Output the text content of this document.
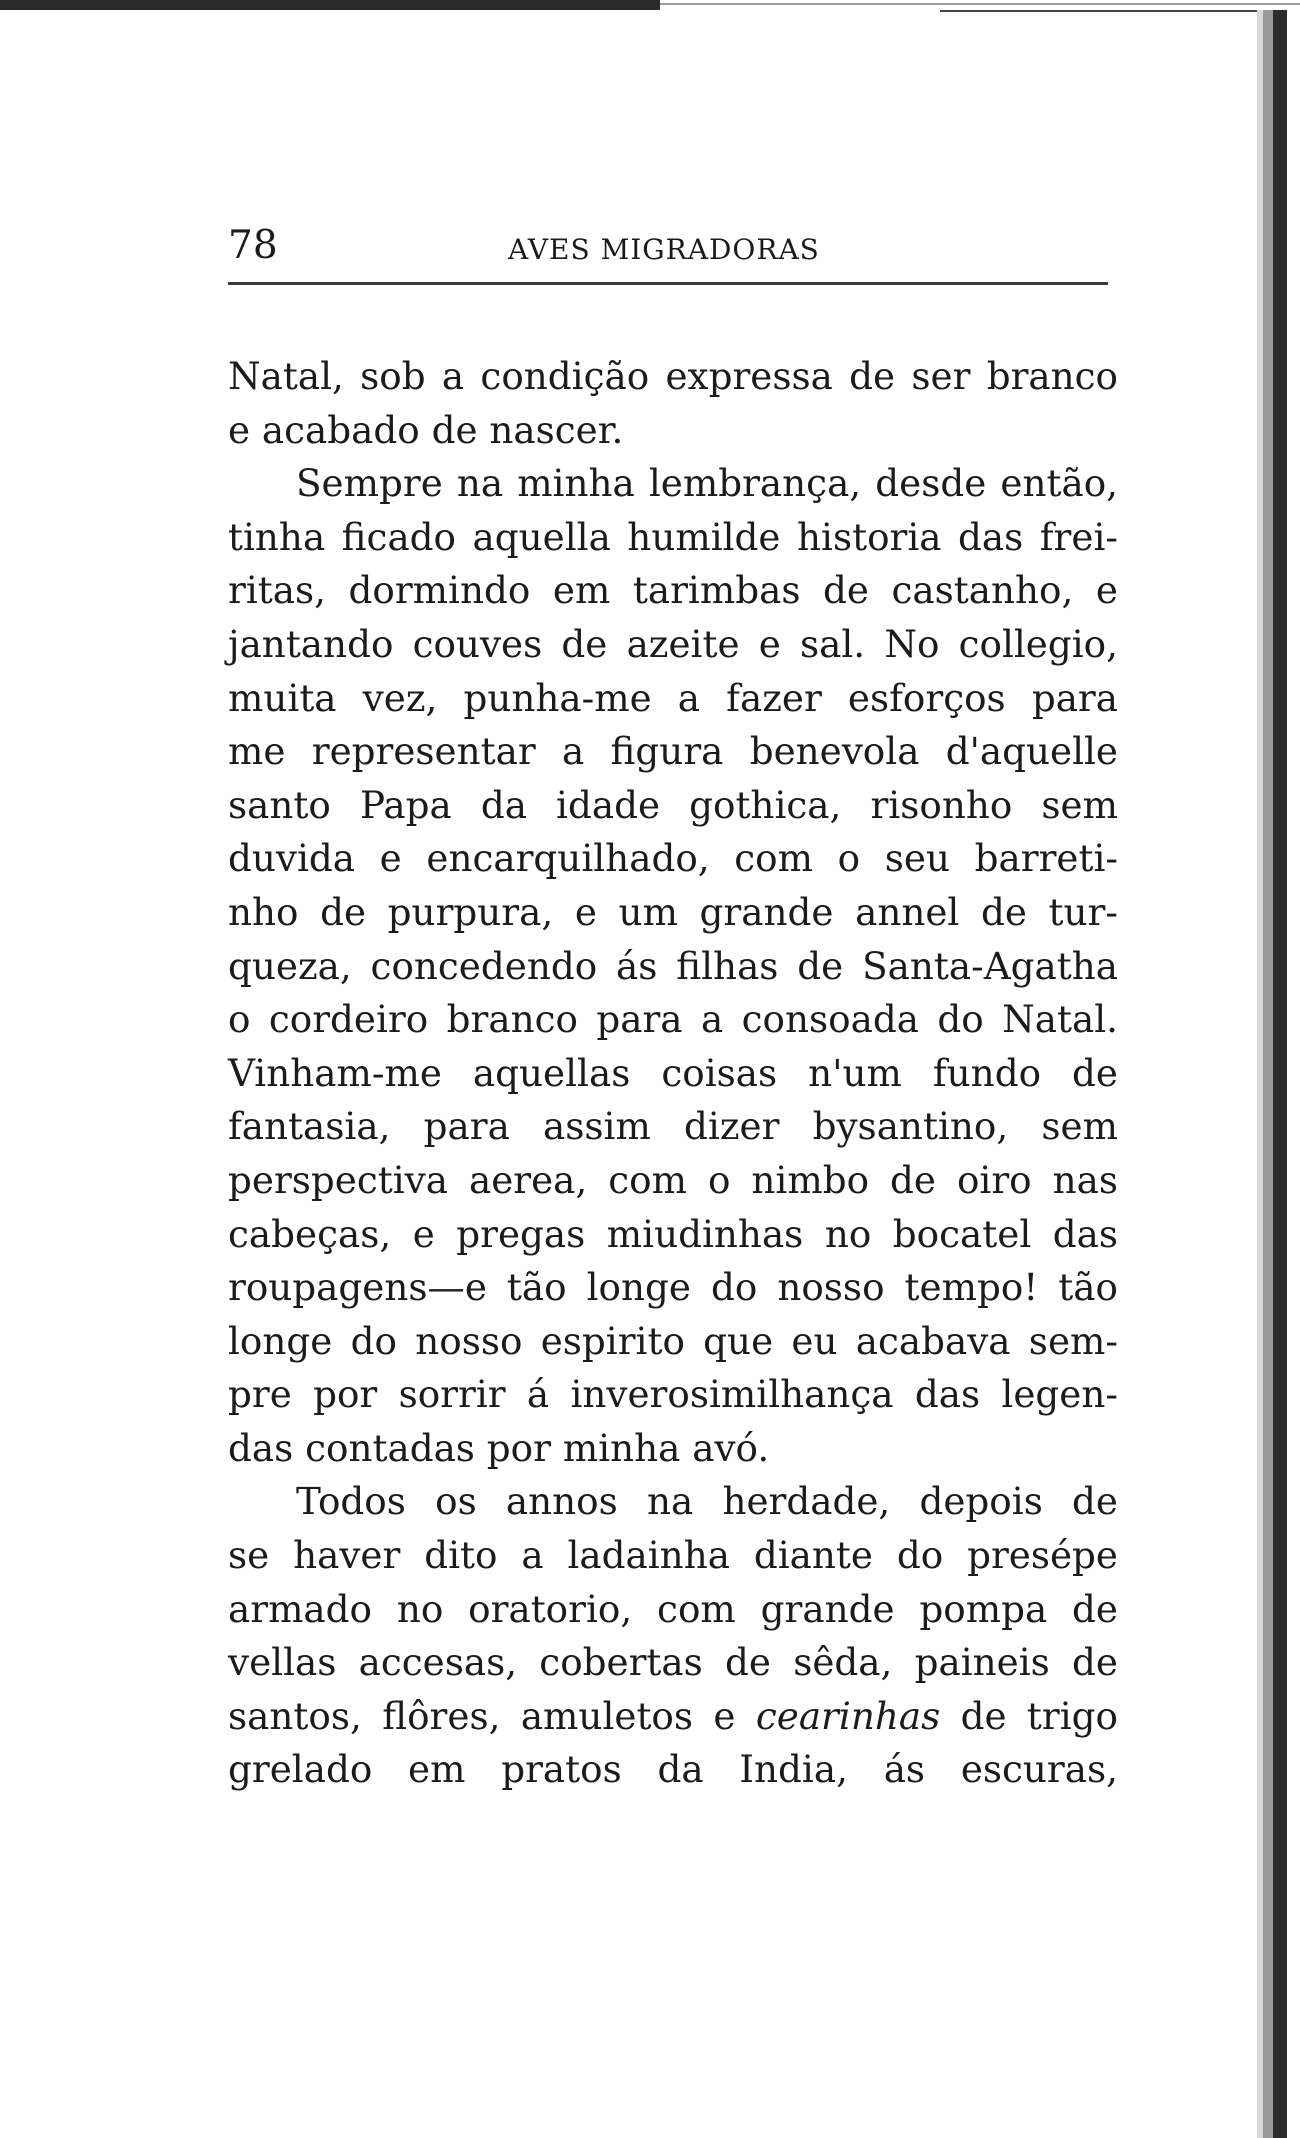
78	AVES MIGRADORAS
Natal, sob a condição expressa de ser branco
e acabado de nascer.
Sempre na minha lembrança, desde então,
tinha ficado aquella humilde historia das frei-
ritas, dormindo em tarimbas de castanho, e
jantando couves de azeite e sal. No collegio,
muita vez, punha-me a fazer esforços para
me representar a figura benevola d'aquelle
santo Papa da idade gothica, risonho sem
duvida e encarquilhado, com o seu barreti-
nho de purpura, e um grande annel de tur-
queza, concedendo ás filhas de Santa-Agatha
o cordeiro branco para a consoada do Natal.
Vinham-me aquellas coisas n'um fundo de
fantasia, para assim dizer bysantino, sem
perspectiva aerea, com o nimbo de oiro nas
cabeças, e pregas miudinhas no bocatel das
roupagens—e tão longe do nosso tempo! tão
longe do nosso espirito que eu acabava sem-
pre por sorrir á inverosimilhança das legen-
das contadas por minha avó.
Todos os annos na herdade, depois de
se haver dito a ladainha diante do presépe
armado no oratorio, com grande pompa de
vellas accesas, cobertas de sêda, paineis de
santos, flôres, amuletos e cearinhas de trigo
grelado em pratos da India, ás escuras,
